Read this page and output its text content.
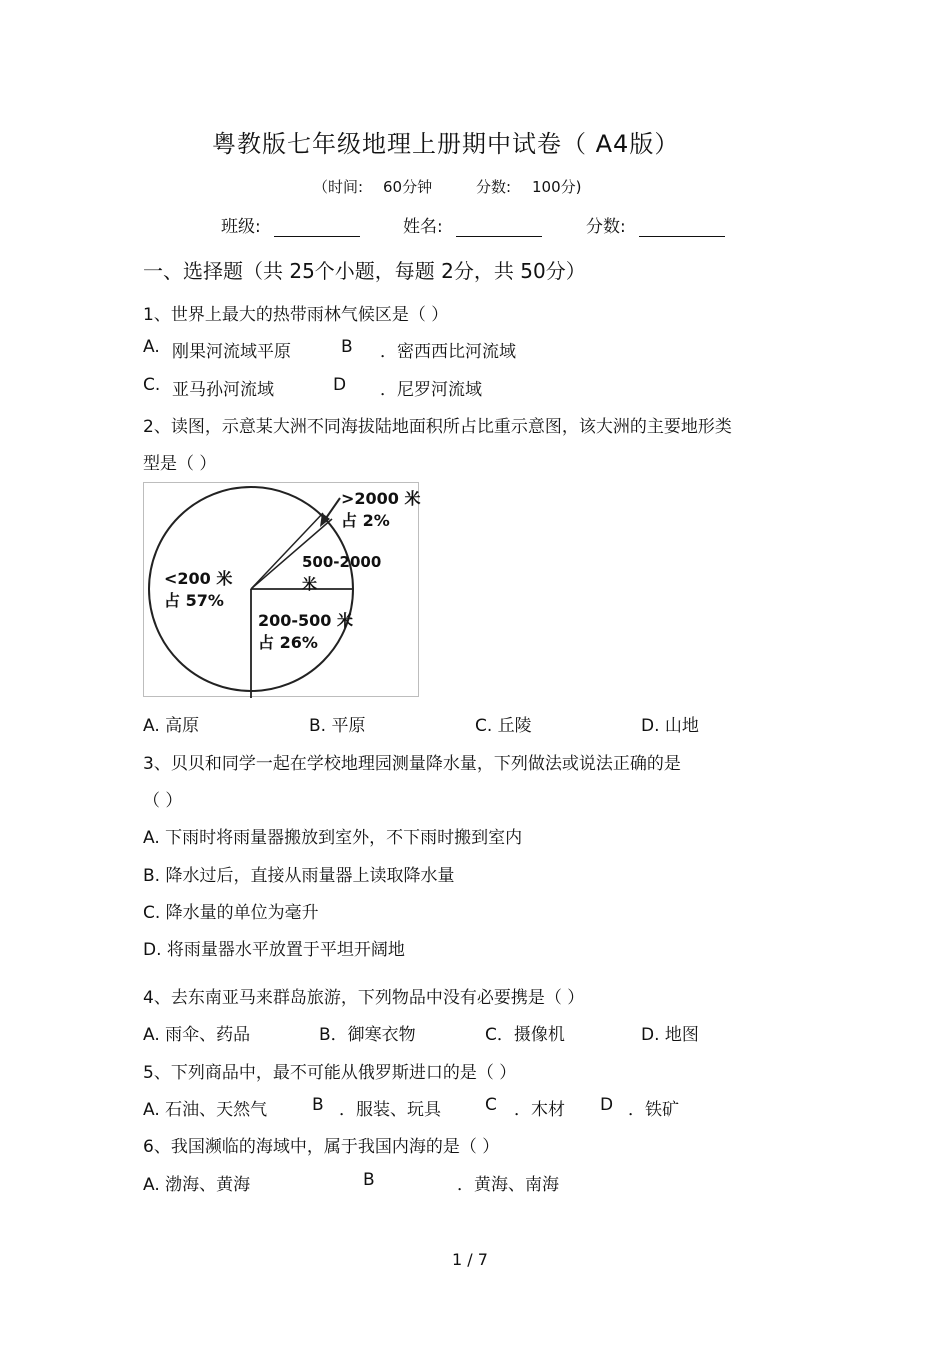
粤教版七年级地理上册期中试卷（ A4版）
（时间: 60分钟	分数: 100分)
班级:	姓名:	分数:
一、选择题（共 25个小题，每题 2分，共 50分）
1、世界上最大的热带雨林气候区是（ ）
A. 刚果河流域平原	B ．密西西比河流域
C. 亚马孙河流域	D ．尼罗河流域
2、读图，示意某大洲不同海拔陆地面积所占比重示意图，该大洲的主要地形类
型是（ ）
<200 米
占 57%
200-500 米
占 26%
500-2000
米
>2000 米
占 2%
A. 高原	B. 平原	C. 丘陵	D. 山地
3、贝贝和同学一起在学校地理园测量降水量，下列做法或说法正确的是
（ ）
A. 下雨时将雨量器搬放到室外，不下雨时搬到室内
B. 降水过后，直接从雨量器上读取降水量
C. 降水量的单位为毫升
D. 将雨量器水平放置于平坦开阔地
4、去东南亚马来群岛旅游，下列物品中没有必要携是（ ）
A. 雨伞、药品	B．御寒衣物	C．摄像机	D. 地图
5、下列商品中，最不可能从俄罗斯进口的是（ ）
A. 石油、天然气	B ．服装、玩具	C ．木材 D ．铁矿
6、我国濒临的海域中，属于我国内海的是（ ）
A. 渤海、黄海	B	．黄海、南海
1 / 7
